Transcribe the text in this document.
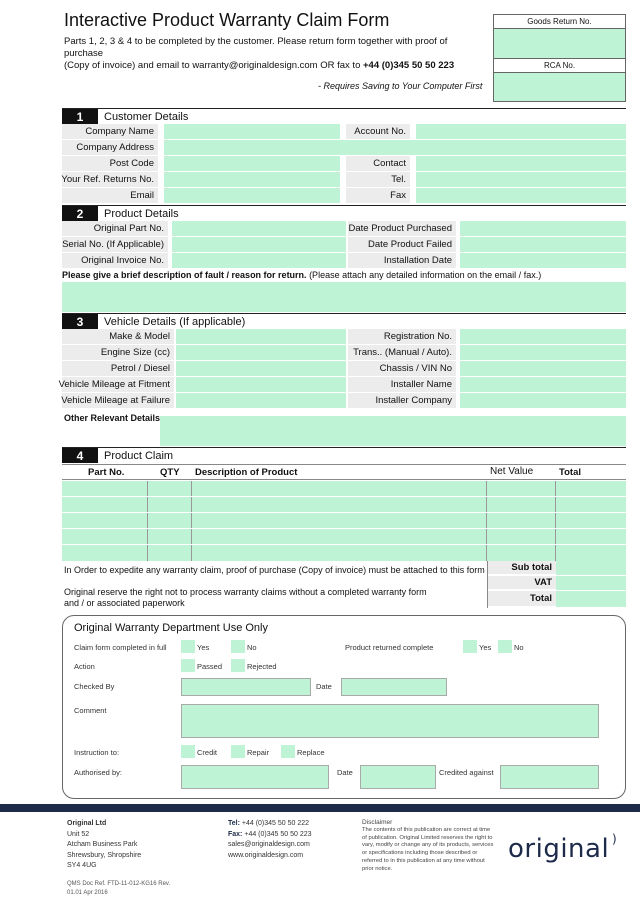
Interactive Product Warranty Claim Form
Parts 1, 2, 3 & 4 to be completed by the customer. Please return form together with proof of purchase
(Copy of invoice) and email to warranty@originaldesign.com OR fax to +44 (0)345 50 50 223
- Requires Saving to Your Computer First
Goods Return No.
RCA No.
1	Customer Details
Company Name	Account No.
Company Address
Post Code	Contact
Your Ref. Returns No.	Tel.
Email	Fax
2	Product Details
Original Part No.	Date Product Purchased
Serial No. (If Applicable)	Date Product Failed
Original Invoice No.	Installation Date
Please give a brief description of fault / reason for return. (Please attach any detailed information on the email / fax.)
3	Vehicle Details (If applicable)
Make & Model	Registration No.
Engine Size (cc)	Trans.. (Manual / Auto).
Petrol / Diesel	Chassis / VIN No
Vehicle Mileage at Fitment	Installer Name
Vehicle Mileage at Failure	Installer Company
Other Relevant Details
4	Product Claim
Part No.	QTY Description of Product	Net Value	Total
In Order to expedite any warranty claim, proof of purchase (Copy of invoice) must be attached to this form
Original reserve the right not to process warranty claims without a completed warranty form
and / or associated paperwork
Sub total
VAT
Total
Original Warranty Department Use Only
Claim form completed in full	Yes	No	Product returned complete	Yes	No
Action	Passed	Rejected
Checked By	Date
Comment
Instruction to:	Credit	Repair	Replace
Authorised by:	Date	Credited against
Original Ltd
Unit 52
Atcham Business Park
Shrewsbury, Shropshire
SY4 4UG
QMS Doc Ref. FTD-11-012-KG16 Rev.
01.01 Apr 2016
Tel: +44 (0)345 50 50 222
Fax: +44 (0)345 50 50 223
sales@originaldesign.com
www.originaldesign.com
Disclaimer
The contents of this publication are correct at time
of publication. Original Limited reserves the right to
vary, modify or change any of its products, services
or specifications including those described or
referred to in this publication at any time without
prior notice.
original )
